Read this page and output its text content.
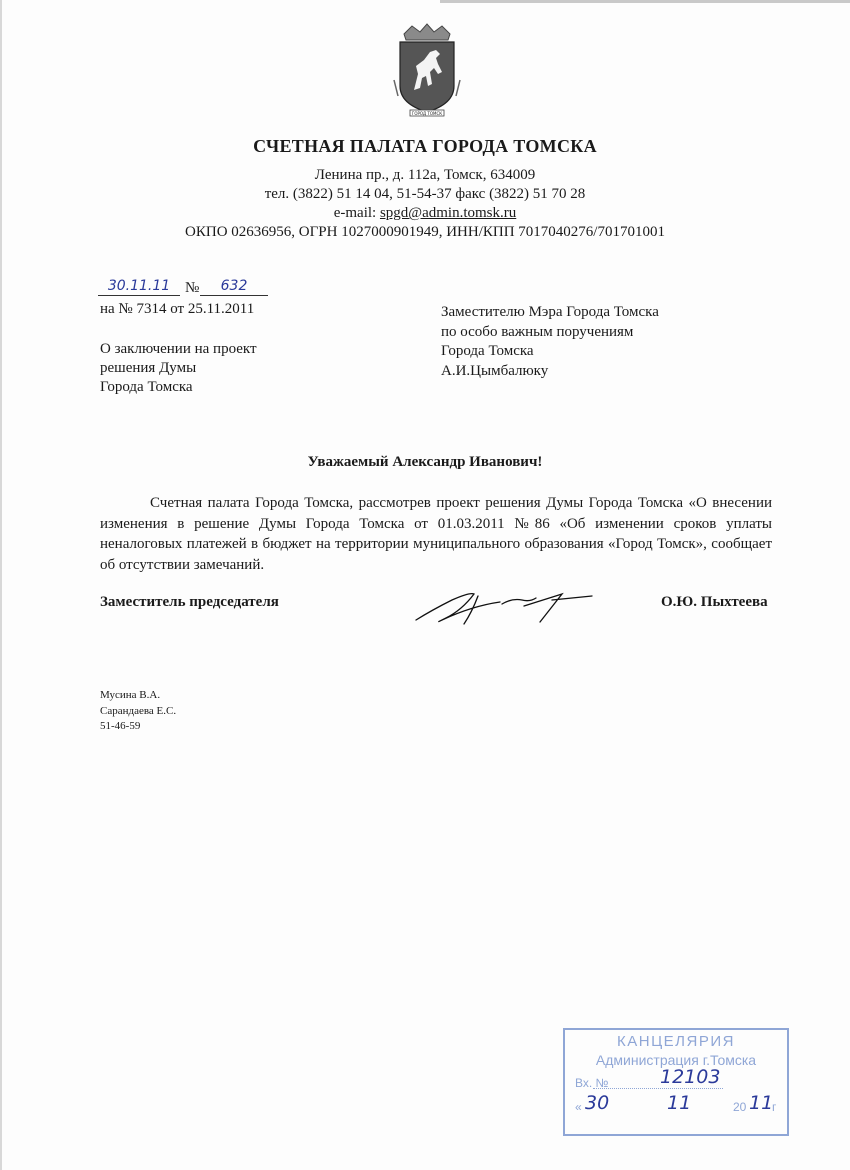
ГОРОД ТОМСК
СЧЕТНАЯ ПАЛАТА ГОРОДА ТОМСКА
Ленина пр., д. 112а, Томск, 634009
тел. (3822) 51 14 04, 51-54-37 факс (3822) 51 70 28
e-mail: spgd@admin.tomsk.ru
ОКПО 02636956, ОГРН 1027000901949, ИНН/КПП 7017040276/701701001
30.11.11 №	632
на № 7314 от 25.11.2011
О заключении на проект
решения Думы
Города Томска
Заместителю Мэра Города Томска
по особо важным поручениям
Города Томска
А.И.Цымбалюку
Уважаемый Александр Иванович!
Счетная палата Города Томска, рассмотрев проект решения Думы Города Томска «О внесении изменения в решение Думы Города Томска от 01.03.2011 №86 «Об изменении сроков уплаты неналоговых платежей в бюджет на территории муниципального образования «Город Томск», сообщает об отсутствии замечаний.
Заместитель председателя	О.Ю. Пыхтеева
Мусина В.А.
Сарандаева Е.С.
51-46-59
КАНЦЕЛЯРИЯ
Администрация г.Томска
Вх. №	12103
« 30	11	20 11
г
